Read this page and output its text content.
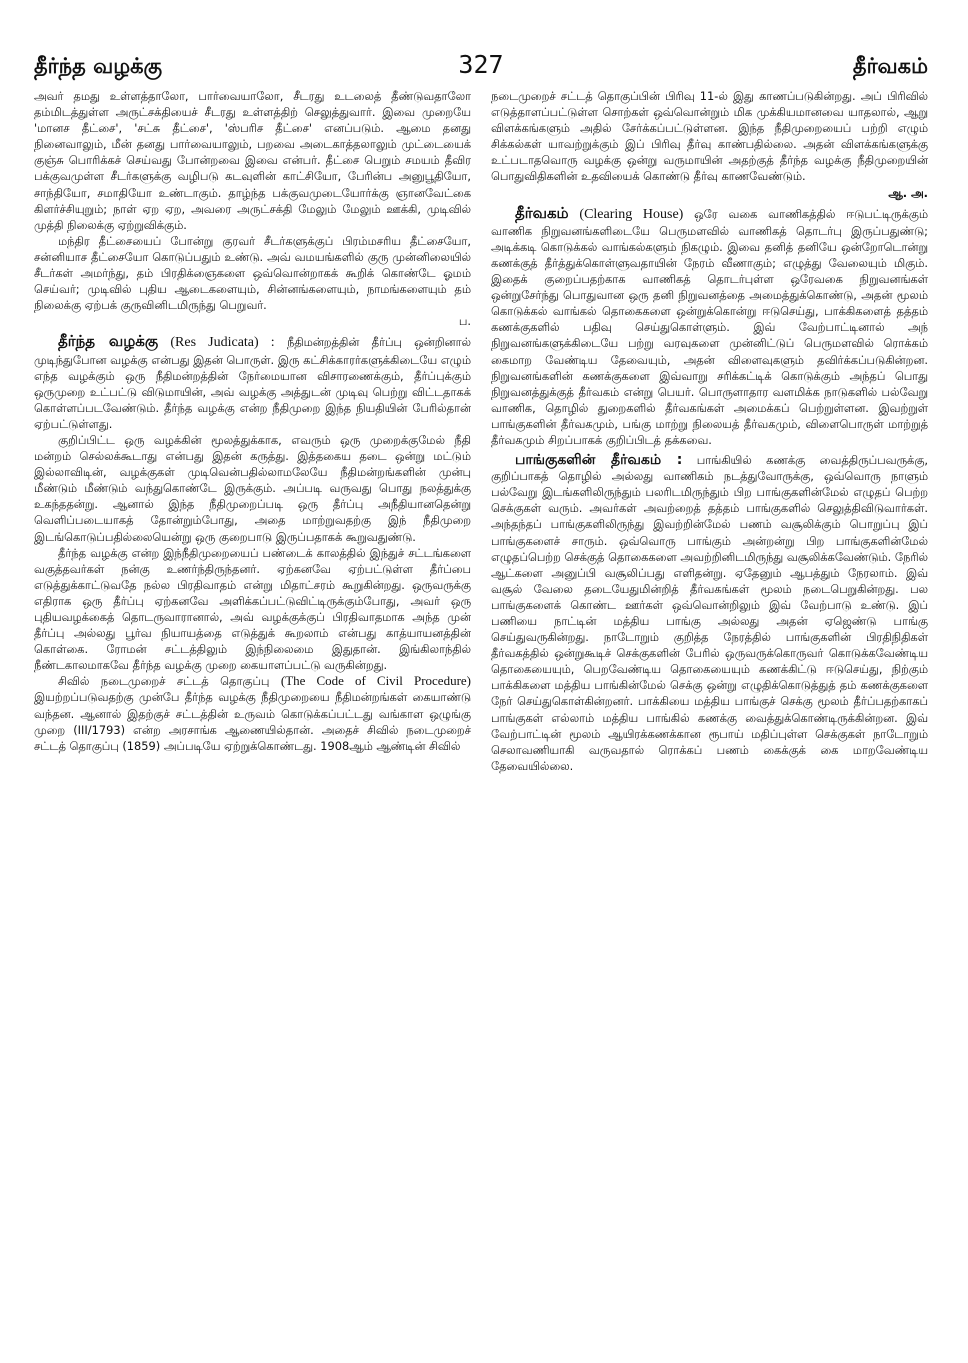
தீர்ந்த வழக்கு	327	தீர்வகம்

அவர் தமது உள்ளத்தாலோ, பார்வையாலோ, சீடரது உடலைத் தீண்டுவதாலோ தம்மிடத்துள்ள அருட்சக்தியைச் சீடரது உள்ளத்திற் செலுத்துவார். இவை முறையே 'மானச தீட்சை', 'சட்சு தீட்சை', 'ஸ்பரிச தீட்சை' எனப்படும். ஆமை தனது நினைவாலும், மீன் தனது பார்வையாலும், பறவை அடைகாத்தலாலும் முட்டையைக் குஞ்சு பொரிக்கச் செய்வது போன்றவை இவை என்பர். தீட்சை பெறும் சமயம் தீவிர பக்குவமுள்ள சீடர்களுக்கு வழிபடு கடவுளின் காட்சியோ, பேரின்ப அனுபூதியோ, சாந்தியோ, சமாதியோ உண்டாகும். தாழ்ந்த பக்குவமுடையோர்க்கு ஞானவேட்கை கிளர்ச்சியுறும்; நாள் ஏற ஏற, அவரை அருட்சக்தி மேலும் மேலும் ஊக்கி, முடிவில் முத்தி நிலைக்கு ஏற்றுவிக்கும்.

மந்திர தீட்சையைப் போன்று குரவர் சீடர்களுக்குப் பிரம்மசரிய தீட்சையோ, சன்னியாச தீட்சையோ கொடுப்பதும் உண்டு. அவ் வமயங்களில் குரு முன்னிலையில் சீடர்கள் அமர்ந்து, தம் பிரதிக்ஞைகளை ஒவ்வொன்றாகக் கூறிக் கொண்டே ஓமம் செய்வர்; முடிவில் புதிய ஆடைகளையும், சின்னங்களையும், நாமங்களையும் தம் நிலைக்கு ஏற்பக் குருவினிடமிருந்து பெறுவர்.

ப.

தீர்ந்த வழக்கு (Res Judicata) : நீதிமன்றத்தின் தீர்ப்பு ஒன்றினால் முடிந்துபோன வழக்கு என்பது இதன் பொருள். இரு கட்சிக்காரர்களுக்கிடையே எழும் எந்த வழக்கும் ஒரு நீதிமன்றத்தின் நேர்மையான விசாரணைக்கும், தீர்ப்புக்கும் ஒருமுறை உட்பட்டு விடுமாயின், அவ் வழக்கு அத்துடன் முடிவு பெற்று விட்டதாகக் கொள்ளப்படவேண்டும். தீர்ந்த வழக்கு என்ற நீதிமுறை இந்த நியதியின் பேரில்தான் ஏற்பட்டுள்ளது.

குறிப்பிட்ட ஒரு வழக்கின் மூலத்துக்காக, எவரும் ஒரு முறைக்குமேல் நீதி மன்றம் செல்லக்கூடாது என்பது இதன் கருத்து. இத்தகைய தடை ஒன்று மட்டும் இல்லாவிடின், வழக்குகள் முடிவென்பதில்லாமலேயே நீதிமன்றங்களின் முன்பு மீண்டும் மீண்டும் வந்துகொண்டே இருக்கும். அப்படி வருவது பொது நலத்துக்கு உகந்ததன்று. ஆனால் இந்த நீதிமுறைப்படி ஒரு தீர்ப்பு அநீதியானதென்று வெளிப்படையாகத் தோன்றும்போது, அதை மாற்றுவதற்கு இந் நீதிமுறை இடங்கொடுப்பதில்லையென்று ஒரு குறைபாடு இருப்பதாகக் கூறுவதுண்டு.

தீர்ந்த வழக்கு என்ற இந்நீதிமுறையைப் பண்டைக் காலத்தில் இந்துச் சட்டங்களை வகுத்தவர்கள் நன்கு உணர்ந்திருந்தனர். ஏற்கனவே ஏற்பட்டுள்ள தீர்ப்பை எடுத்துக்காட்டுவதே நல்ல பிரதிவாதம் என்று மிதாட்சரம் கூறுகின்றது. ஒருவருக்கு எதிராக ஒரு தீர்ப்பு ஏற்கனவே அளிக்கப்பட்டுவிட்டிருக்கும்போது, அவர் ஒரு புதியவழக்கைத் தொடருவாரானால், அவ் வழக்குக்குப் பிரதிவாதமாக அந்த முன் தீர்ப்பு அல்லது பூர்வ நியாயத்தை எடுத்துக் கூறலாம் என்பது காத்யாயனத்தின் கொள்கை. ரோமன் சட்டத்திலும் இந்நிலைமை இதுதான். இங்கிலாந்தில் நீண்டகாலமாகவே தீர்ந்த வழக்கு முறை கையாளப்பட்டு வருகின்றது.

சிவில் நடைமுறைச் சட்டத் தொகுப்பு (The Code of Civil Procedure) இயற்றப்படுவதற்கு முன்பே தீர்ந்த வழக்கு நீதிமுறையை நீதிமன்றங்கள் கையாண்டு வந்தன. ஆனால் இதற்குச் சட்டத்தின் உருவம் கொடுக்கப்பட்டது வங்காள ஒழுங்கு முறை (III/1793) என்ற அரசாங்க ஆணையில்தான். அதைச் சிவில் நடைமுறைச் சட்டத் தொகுப்பு (1859) அப்படியே ஏற்றுக்கொண்டது. 1908ஆம் ஆண்டின் சிவில்

நடைமுறைச் சட்டத் தொகுப்பின் பிரிவு 11-ல் இது காணப்படுகின்றது. அப் பிரிவில் எடுத்தாளப்பட்டுள்ள சொற்கள் ஒவ்வொன்றும் மிக முக்கியமானவை யாதலால், ஆறு விளக்கங்களும் அதில் சேர்க்கப்பட்டுள்ளன. இந்த நீதிமுறையைப் பற்றி எழும் சிக்கல்கள் யாவற்றுக்கும் இப் பிரிவு தீர்வு காண்பதில்லை. அதன் விளக்கங்களுக்கு உட்படாதவொரு வழக்கு ஒன்று வருமாயின் அதற்குத் தீர்ந்த வழக்கு நீதிமுறையின் பொதுவிதிகளின் உதவியைக் கொண்டு தீர்வு காணவேண்டும்.

ஆ. அ.

தீர்வகம் (Clearing House) ஒரே வகை வாணிகத்தில் ஈடுபட்டிருக்கும் வாணிக நிறுவனங்களிடையே பெருமளவில் வாணிகத் தொடர்பு இருப்பதுண்டு; அடிக்கடி கொடுக்கல் வாங்கல்களும் நிகழும். இவை தனித் தனியே ஒன்றோடொன்று கணக்குத் தீர்த்துக்கொள்ளுவதாயின் நேரம் வீணாகும்; எழுத்து வேலையும் மிகும். இதைக் குறைப்பதற்காக வாணிகத் தொடர்புள்ள ஒரேவகை நிறுவனங்கள் ஒன்றுசேர்ந்து பொதுவான ஒரு தனி நிறுவனத்தை அமைத்துக்கொண்டு, அதன் மூலம் கொடுக்கல் வாங்கல் தொகைகளை ஒன்றுக்கொன்று ஈடுசெய்து, பாக்கிகளைத் தத்தம் கணக்குகளில் பதிவு செய்துகொள்ளும். இவ் வேற்பாட்டினால் அந் நிறுவனங்களுக்கிடையே பற்று வரவுகளை முன்னிட்டுப் பெருமளவில் ரொக்கம் கைமாற வேண்டிய தேவையும், அதன் விளைவுகளும் தவிர்க்கப்படுகின்றன. நிறுவனங்களின் கணக்குகளை இவ்வாறு சரிக்கட்டிக் கொடுக்கும் அந்தப் பொது நிறுவனத்துக்குத் தீர்வகம் என்று பெயர். பொருளாதார வளமிக்க நாடுகளில் பல்வேறு வாணிக, தொழில் துறைகளில் தீர்வகங்கள் அமைக்கப் பெற்றுள்ளன. இவற்றுள் பாங்குகளின் தீர்வகமும், பங்கு மாற்று நிலையத் தீர்வகமும், விளைபொருள் மாற்றுத் தீர்வகமும் சிறப்பாகக் குறிப்பிடத் தக்கவை.

பாங்குகளின் தீர்வகம் : பாங்கியில் கணக்கு வைத்திருப்பவருக்கு, குறிப்பாகத் தொழில் அல்லது வாணிகம் நடத்துவோருக்கு, ஒவ்வொரு நாளும் பல்வேறு இடங்களிலிருந்தும் பலரிடமிருந்தும் பிற பாங்குகளின்மேல் எழுதப் பெற்ற செக்குகள் வரும். அவர்கள் அவற்றைத் தத்தம் பாங்குகளில் செலுத்திவிடுவார்கள். அந்தந்தப் பாங்குகளிலிருந்து இவற்றின்மேல் பணம் வசூலிக்கும் பொறுப்பு இப் பாங்குகளைச் சாரும். ஒவ்வொரு பாங்கும் அன்றன்று பிற பாங்குகளின்மேல் எழுதப்பெற்ற செக்குத் தொகைகளை அவற்றினிடமிருந்து வசூலிக்கவேண்டும். நேரில் ஆட்களை அனுப்பி வசூலிப்பது எளிதன்று. ஏதேனும் ஆபத்தும் நேரலாம். இவ் வசூல் வேலை தடையேதுமின்றித் தீர்வகங்கள் மூலம் நடைபெறுகின்றது. பல பாங்குகளைக் கொண்ட ஊர்கள் ஒவ்வொன்றிலும் இவ் வேற்பாடு உண்டு. இப் பணியை நாட்டின் மத்திய பாங்கு அல்லது அதன் ஏஜெண்டு பாங்கு செய்துவருகின்றது. நாடோறும் குறித்த நேரத்தில் பாங்குகளின் பிரதிநிதிகள் தீர்வகத்தில் ஒன்றுகூடிச் செக்குகளின் பேரில் ஒருவருக்கொருவர் கொடுக்கவேண்டிய தொகையையும், பெறவேண்டிய தொகையையும் கணக்கிட்டு ஈடுசெய்து, நிற்கும் பாக்கிகளை மத்திய பாங்கின்மேல் செக்கு ஒன்று எழுதிக்கொடுத்துத் தம் கணக்குகளை நேர் செய்துகொள்கின்றனர். பாக்கியை மத்திய பாங்குச் செக்கு மூலம் தீர்ப்பதற்காகப் பாங்குகள் எல்லாம் மத்திய பாங்கில் கணக்கு வைத்துக்கொண்டிருக்கின்றன. இவ் வேற்பாட்டின் மூலம் ஆயிரக்கணக்கான ரூபாய் மதிப்புள்ள செக்குகள் நாடோறும் செலாவணியாகி வருவதால் ரொக்கப் பணம் கைக்குக் கை மாறவேண்டிய தேவையில்லை.
